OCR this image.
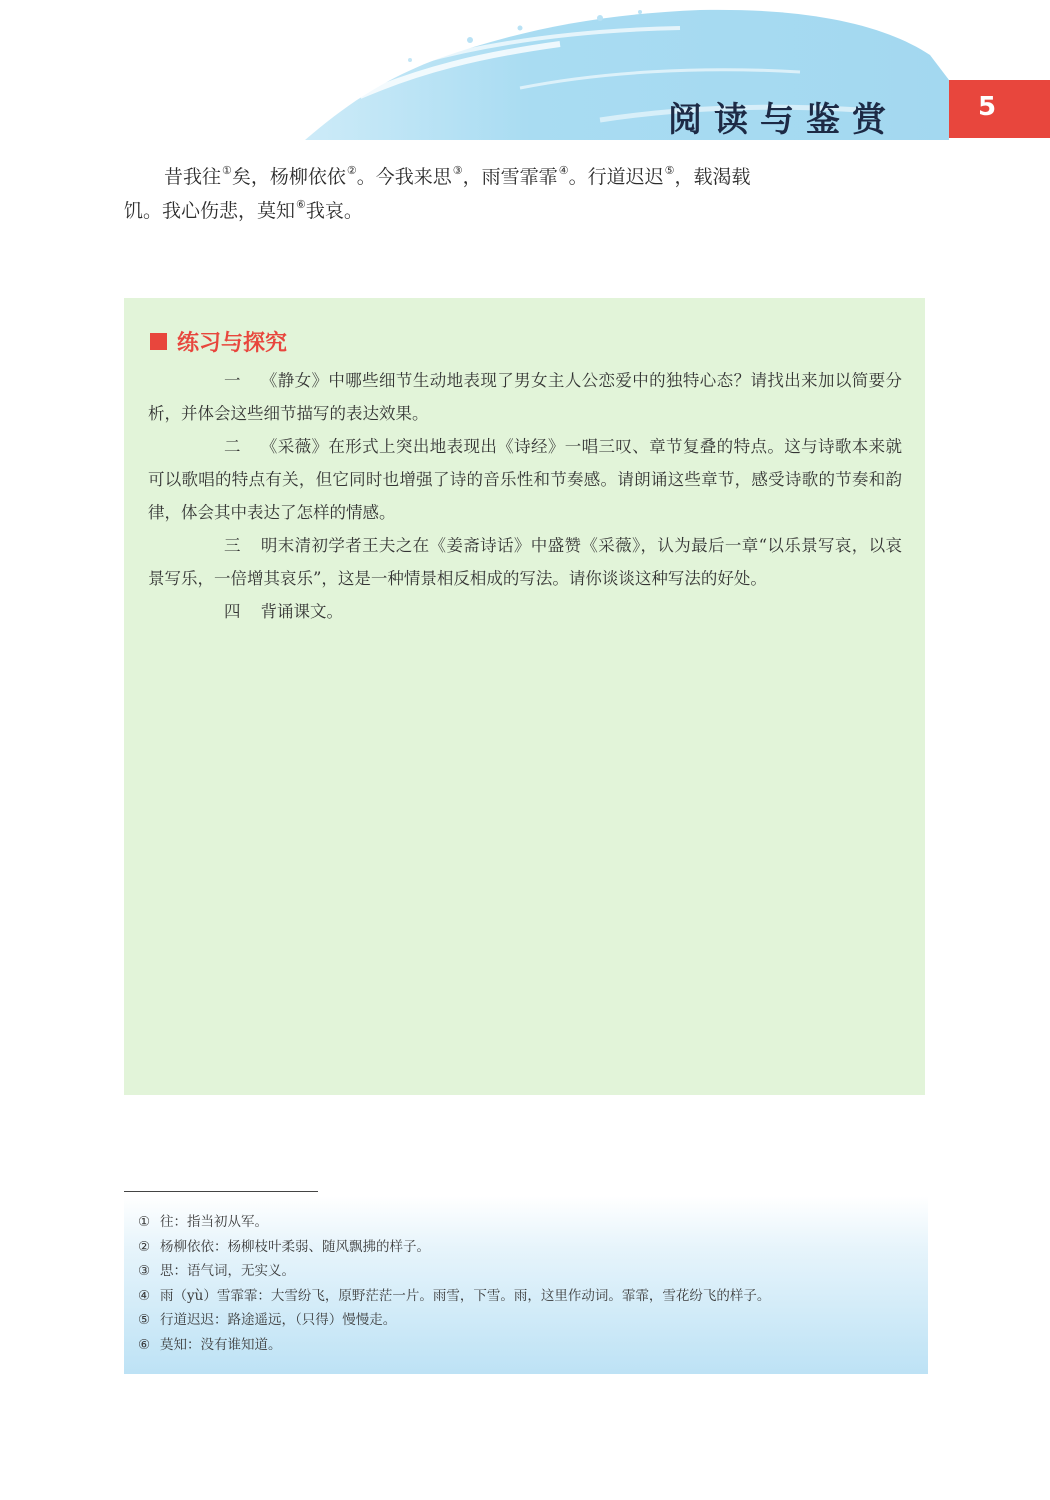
阅读与鉴赏	5

昔我往①矣，杨柳依依②。今我来思③，雨雪霏霏④。行道迟迟⑤，载渴载饥。我心伤悲，莫知⑥我哀。

练习与探究

一 《静女》中哪些细节生动地表现了男女主人公恋爱中的独特心态？请找出来加以简要分析，并体会这些细节描写的表达效果。

二 《采薇》在形式上突出地表现出《诗经》一唱三叹、章节复叠的特点。这与诗歌本来就可以歌唱的特点有关，但它同时也增强了诗的音乐性和节奏感。请朗诵这些章节，感受诗歌的节奏和韵律，体会其中表达了怎样的情感。

三 明末清初学者王夫之在《姜斋诗话》中盛赞《采薇》，认为最后一章“以乐景写哀，以哀景写乐，一倍增其哀乐”，这是一种情景相反相成的写法。请你谈谈这种写法的好处。

四 背诵课文。

① 往：指当初从军。
② 杨柳依依：杨柳枝叶柔弱、随风飘拂的样子。
③ 思：语气词，无实义。
④ 雨（yù）雪霏霏：大雪纷飞，原野茫茫一片。雨雪，下雪。雨，这里作动词。霏霏，雪花纷飞的样子。
⑤ 行道迟迟：路途遥远，（只得）慢慢走。
⑥ 莫知：没有谁知道。
